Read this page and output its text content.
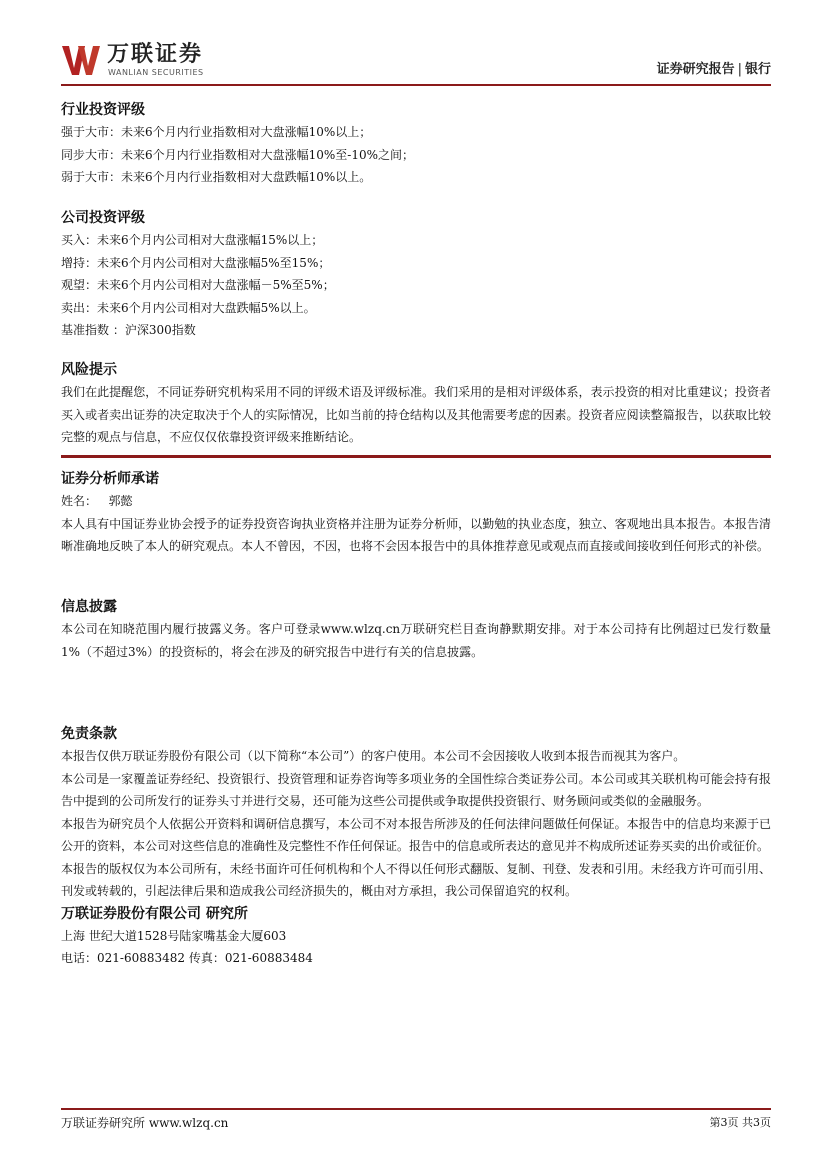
万联证券
WANLIAN SECURITIES	证券研究报告 | 银行

行业投资评级

强于大市：未来6个月内行业指数相对大盘涨幅10%以上；

同步大市：未来6个月内行业指数相对大盘涨幅10%至-10%之间；

弱于大市：未来6个月内行业指数相对大盘跌幅10%以上。

公司投资评级

买入：未来6个月内公司相对大盘涨幅15%以上；

增持：未来6个月内公司相对大盘涨幅5%至15%；

观望：未来6个月内公司相对大盘涨幅－5%至5%；

卖出：未来6个月内公司相对大盘跌幅5%以上。

基准指数 ：沪深300指数

风险提示

我们在此提醒您，不同证券研究机构采用不同的评级术语及评级标准。我们采用的是相对评级体系，表示投资的相对比重建议；投资者买入或者卖出证券的决定取决于个人的实际情况，比如当前的持仓结构以及其他需要考虑的因素。投资者应阅读整篇报告，以获取比较完整的观点与信息，不应仅仅依靠投资评级来推断结论。

证券分析师承诺

姓名： 郭懿

本人具有中国证券业协会授予的证券投资咨询执业资格并注册为证券分析师，以勤勉的执业态度，独立、客观地出具本报告。本报告清晰准确地反映了本人的研究观点。本人不曾因，不因，也将不会因本报告中的具体推荐意见或观点而直接或间接收到任何形式的补偿。

信息披露

本公司在知晓范围内履行披露义务。客户可登录www.wlzq.cn万联研究栏目查询静默期安排。对于本公司持有比例超过已发行数量1%（不超过3%）的投资标的，将会在涉及的研究报告中进行有关的信息披露。

免责条款

本报告仅供万联证券股份有限公司（以下简称“本公司”）的客户使用。本公司不会因接收人收到本报告而视其为客户。

本公司是一家覆盖证券经纪、投资银行、投资管理和证券咨询等多项业务的全国性综合类证券公司。本公司或其关联机构可能会持有报告中提到的公司所发行的证券头寸并进行交易，还可能为这些公司提供或争取提供投资银行、财务顾问或类似的金融服务。

本报告为研究员个人依据公开资料和调研信息撰写，本公司不对本报告所涉及的任何法律问题做任何保证。本报告中的信息均来源于已公开的资料，本公司对这些信息的准确性及完整性不作任何保证。报告中的信息或所表达的意见并不构成所述证券买卖的出价或征价。

本报告的版权仅为本公司所有，未经书面许可任何机构和个人不得以任何形式翻版、复制、刊登、发表和引用。未经我方许可而引用、刊发或转载的，引起法律后果和造成我公司经济损失的，概由对方承担，我公司保留追究的权利。

万联证券股份有限公司 研究所

上海 世纪大道1528号陆家嘴基金大厦603

电话：021-60883482 传真：021-60883484

万联证券研究所 www.wlzq.cn	第3页 共3页
